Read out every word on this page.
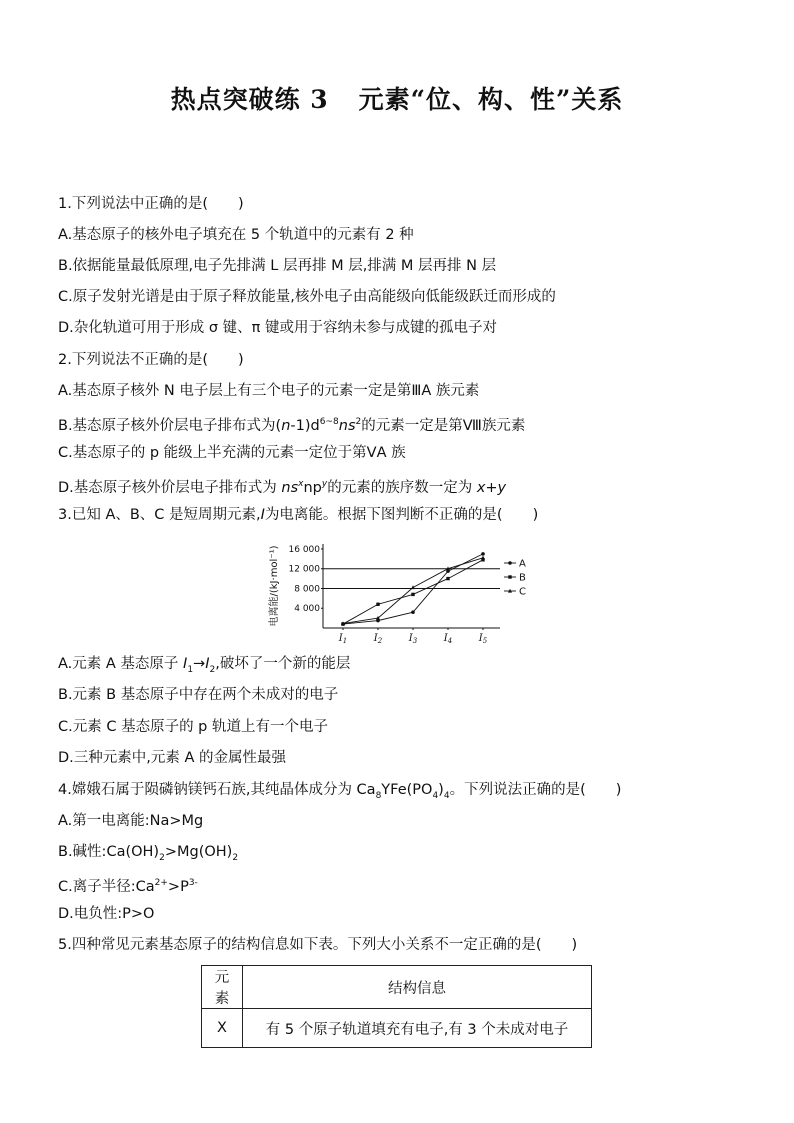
热点突破练 3 元素“位、构、性”关系
1.下列说法中正确的是( )
A.基态原子的核外电子填充在 5 个轨道中的元素有 2 种
B.依据能量最低原理,电子先排满 L 层再排 M 层,排满 M 层再排 N 层
C.原子发射光谱是由于原子释放能量,核外电子由高能级向低能级跃迁而形成的
D.杂化轨道可用于形成 σ 键、π 键或用于容纳未参与成键的孤电子对
2.下列说法不正确的是( )
A.基态原子核外 N 电子层上有三个电子的元素一定是第ⅢA 族元素
B.基态原子核外价层电子排布式为$(n-1)d^{6\sim 8}ns^2$的元素一定是第Ⅷ族元素
C.基态原子的 p 能级上半充满的元素一定位于第ⅤA 族
D.基态原子核外价层电子排布式为 $ns^xnp^y$的元素的族序数一定为 x+y
3.已知 A、B、C 是短周期元素,I为电离能。根据下图判断不正确的是( )
电离能/(kJ·mol⁻¹) 16 000
12 000
8 000
4 000
$I_1$	$I_2$	$I_3$	$I_4$	$I_5$
A
B
C
A.元素 A 基态原子 $I_1\to I_2$,破坏了一个新的能层
B.元素 B 基态原子中存在两个未成对的电子
C.元素 C 基态原子的 p 轨道上有一个电子
D.三种元素中,元素 A 的金属性最强
4.嫦娥石属于陨磷钠镁钙石族,其纯晶体成分为 $Ca_8YFe(PO_4)_4$。下列说法正确的是( )
A.第一电离能:Na>Mg
B.碱性$:Ca(OH)_2>Mg(OH)_2$
C.离子半径$:Ca^{2+}>P^{3-}$
D.电负性:P>O
5.四种常见元素基态原子的结构信息如下表。下列大小关系不一定正确的是( )
元素	结构信息
X	有 5 个原子轨道填充有电子,有 3 个未成对电子
